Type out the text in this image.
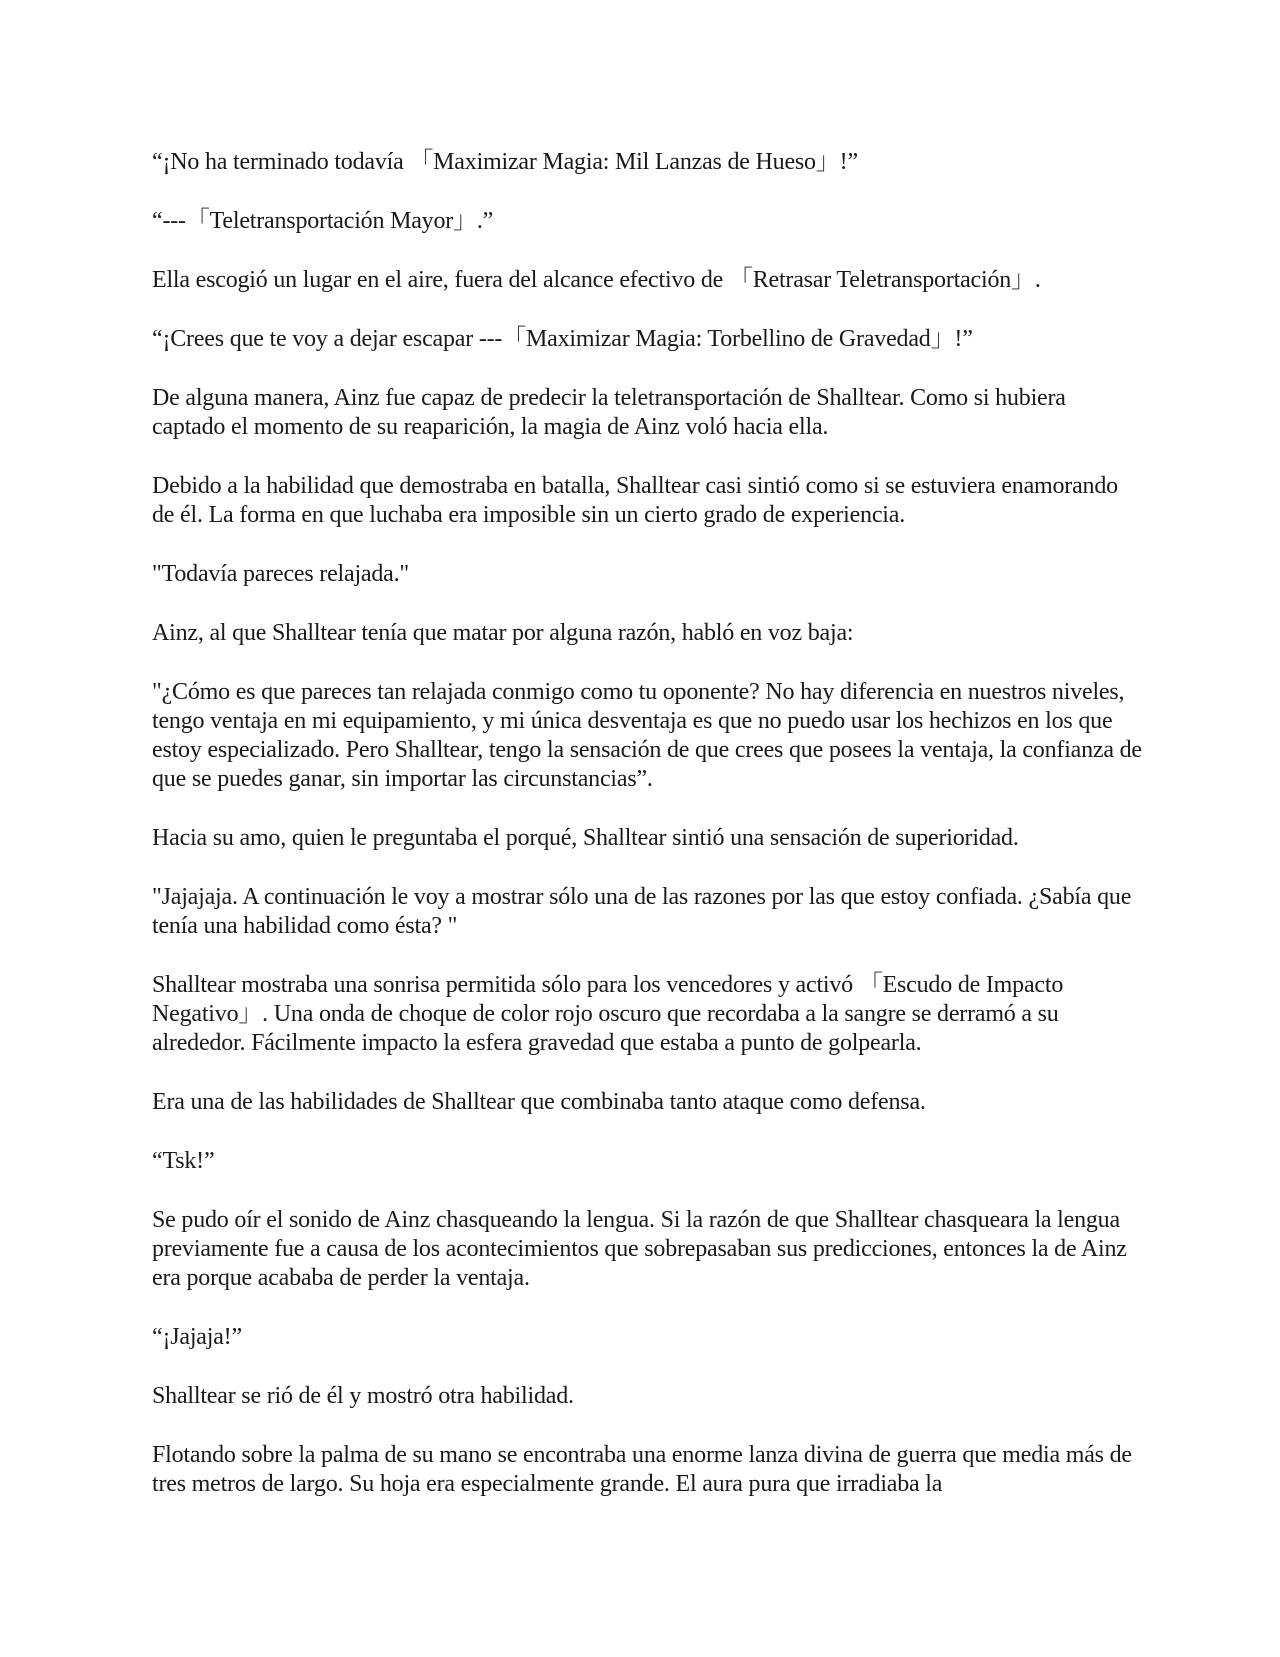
“¡No ha terminado todavía 「Maximizar Magia: Mil Lanzas de Hueso」!”

“---「Teletransportación Mayor」.”

Ella escogió un lugar en el aire, fuera del alcance efectivo de 「Retrasar Teletransportación」.

“¡Crees que te voy a dejar escapar ---「Maximizar Magia: Torbellino de Gravedad」!”

De alguna manera, Ainz fue capaz de predecir la teletransportación de Shalltear. Como si hubiera captado el momento de su reaparición, la magia de Ainz voló hacia ella.

Debido a la habilidad que demostraba en batalla, Shalltear casi sintió como si se estuviera enamorando de él. La forma en que luchaba era imposible sin un cierto grado de experiencia.

"Todavía pareces relajada."

Ainz, al que Shalltear tenía que matar por alguna razón, habló en voz baja:

"¿Cómo es que pareces tan relajada conmigo como tu oponente? No hay diferencia en nuestros niveles, tengo ventaja en mi equipamiento, y mi única desventaja es que no puedo usar los hechizos en los que estoy especializado. Pero Shalltear, tengo la sensación de que crees que posees la ventaja, la confianza de que se puedes ganar, sin importar las circunstancias”.

Hacia su amo, quien le preguntaba el porqué, Shalltear sintió una sensación de superioridad.

"Jajajaja. A continuación le voy a mostrar sólo una de las razones por las que estoy confiada. ¿Sabía que tenía una habilidad como ésta? "

Shalltear mostraba una sonrisa permitida sólo para los vencedores y activó 「Escudo de Impacto Negativo」. Una onda de choque de color rojo oscuro que recordaba a la sangre se derramó a su alrededor. Fácilmente impacto la esfera gravedad que estaba a punto de golpearla.

Era una de las habilidades de Shalltear que combinaba tanto ataque como defensa.

“Tsk!”

Se pudo oír el sonido de Ainz chasqueando la lengua. Si la razón de que Shalltear chasqueara la lengua previamente fue a causa de los acontecimientos que sobrepasaban sus predicciones, entonces la de Ainz era porque acababa de perder la ventaja.

“¡Jajaja!”

Shalltear se rió de él y mostró otra habilidad.

Flotando sobre la palma de su mano se encontraba una enorme lanza divina de guerra que media más de tres metros de largo. Su hoja era especialmente grande. El aura pura que irradiaba la
